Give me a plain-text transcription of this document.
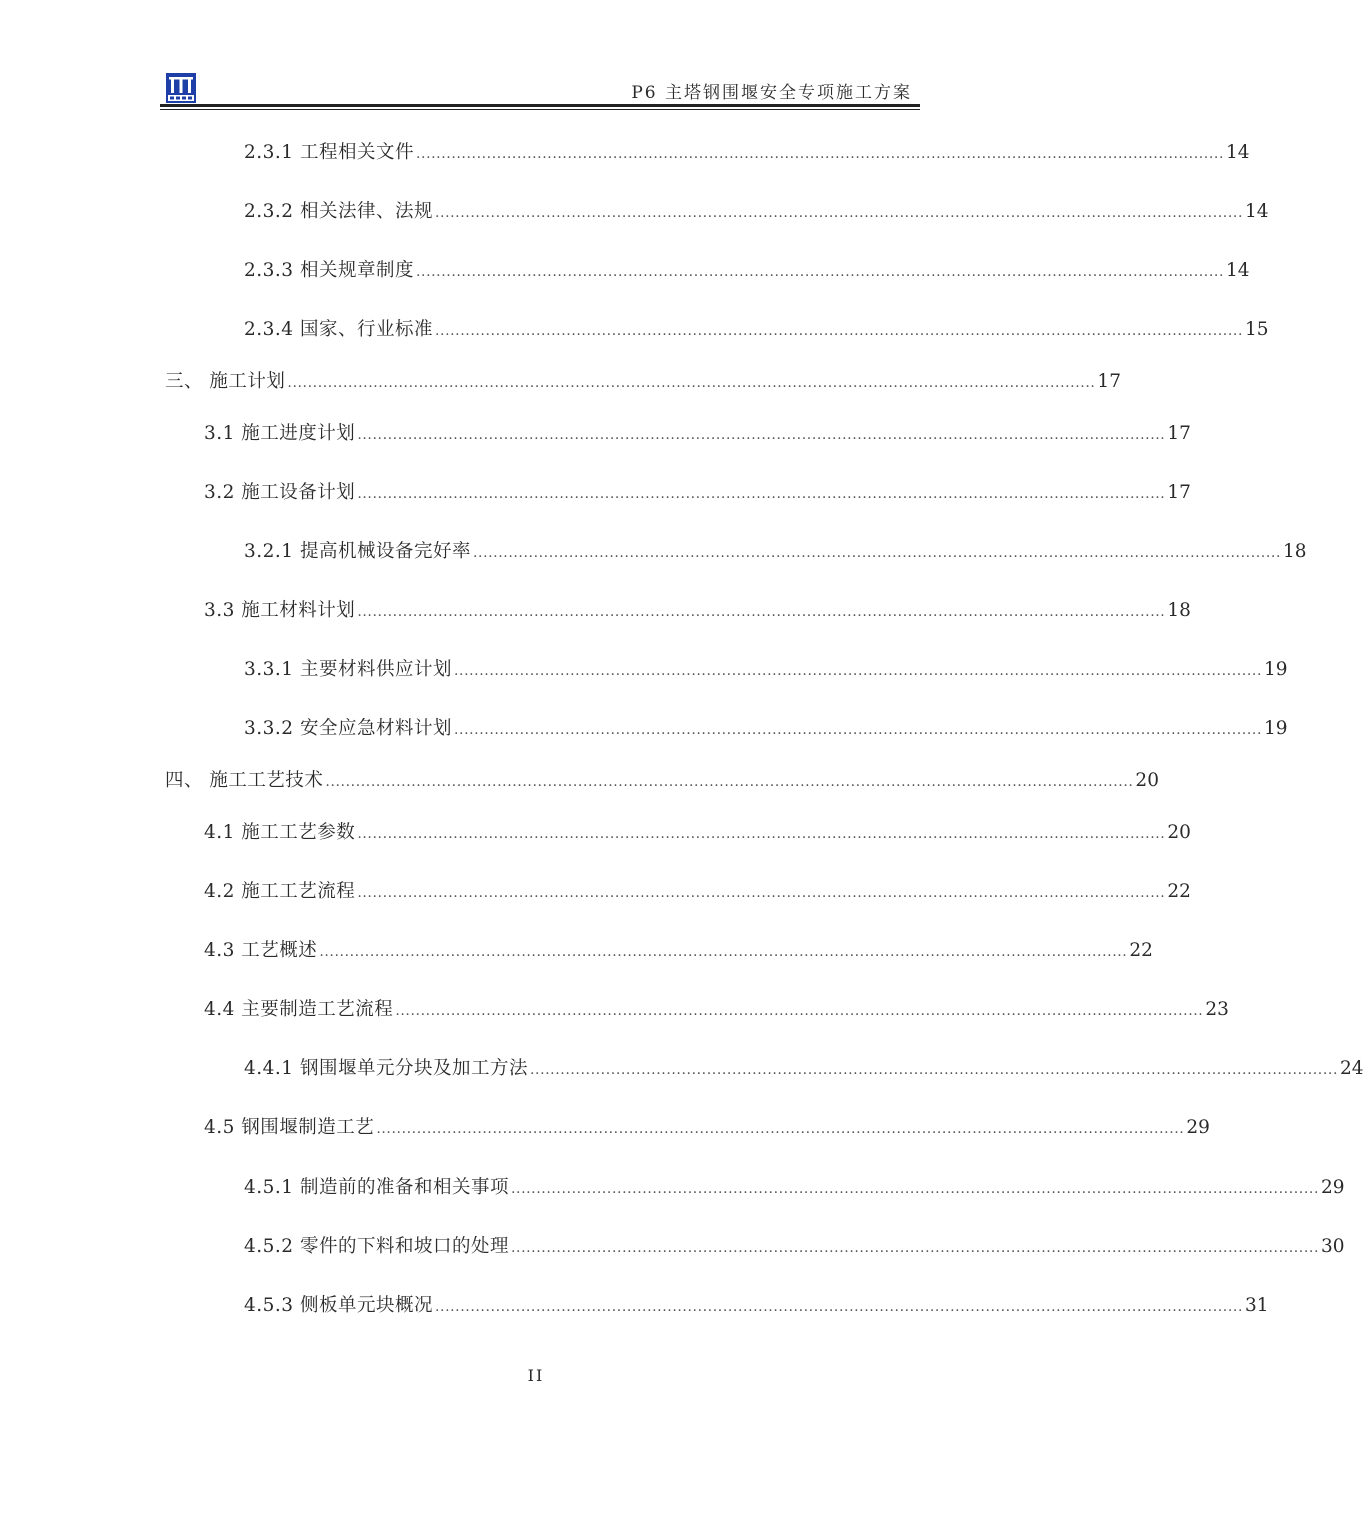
P6 主塔钢围堰安全专项施工方案
2.3.1 工程相关文件 ................................................................................................................................................................ 14
2.3.2 相关法律、法规 ................................................................................................................................................................ 14
2.3.3 相关规章制度 ................................................................................................................................................................ 14
2.3.4 国家、行业标准 ................................................................................................................................................................ 15
三、 施工计划 ................................................................................................................................................................ 17
3.1 施工进度计划 ................................................................................................................................................................ 17
3.2 施工设备计划 ................................................................................................................................................................ 17
3.2.1 提高机械设备完好率 ................................................................................................................................................................ 18
3.3 施工材料计划 ................................................................................................................................................................ 18
3.3.1 主要材料供应计划 ................................................................................................................................................................ 19
3.3.2 安全应急材料计划 ................................................................................................................................................................ 19
四、 施工工艺技术 ................................................................................................................................................................ 20
4.1 施工工艺参数 ................................................................................................................................................................ 20
4.2 施工工艺流程 ................................................................................................................................................................ 22
4.3 工艺概述 ................................................................................................................................................................ 22
4.4 主要制造工艺流程 ................................................................................................................................................................ 23
4.4.1 钢围堰单元分块及加工方法 ................................................................................................................................................................ 24
4.5 钢围堰制造工艺 ................................................................................................................................................................ 29
4.5.1 制造前的准备和相关事项 ................................................................................................................................................................ 29
4.5.2 零件的下料和坡口的处理 ................................................................................................................................................................ 30
4.5.3 侧板单元块概况 ................................................................................................................................................................ 31
II
